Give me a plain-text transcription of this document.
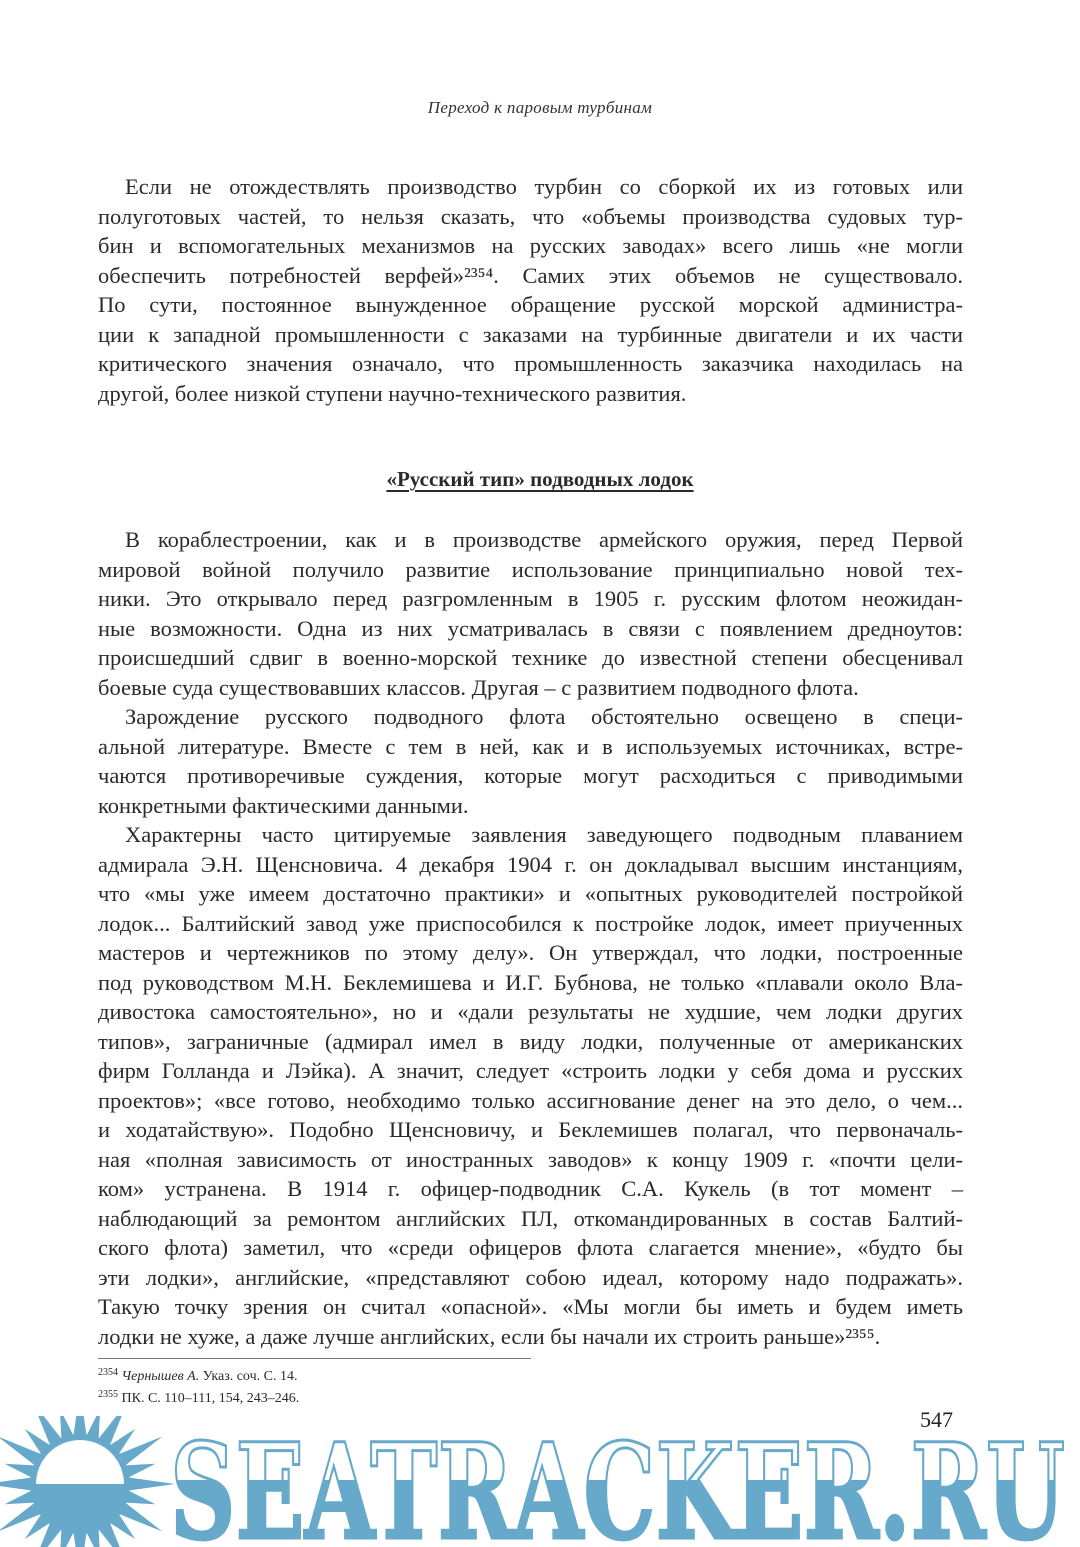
Переход к паровым турбинам
Если не отождествлять производство турбин со сборкой их из готовых или
полуготовых частей, то нельзя сказать, что «объемы производства судовых тур-
бин и вспомогательных механизмов на русских заводах» всего лишь «не могли
обеспечить потребностей верфей»²³⁵⁴. Самих этих объемов не существовало.
По сути, постоянное вынужденное обращение русской морской администра-
ции к западной промышленности с заказами на турбинные двигатели и их части
критического значения означало, что промышленность заказчика находилась на
другой, более низкой ступени научно-технического развития.
«Русский тип» подводных лодок
В кораблестроении, как и в производстве армейского оружия, перед Первой
мировой войной получило развитие использование принципиально новой тех-
ники. Это открывало перед разгромленным в 1905 г. русским флотом неожидан-
ные возможности. Одна из них усматривалась в связи с появлением дредноутов:
происшедший сдвиг в военно-морской технике до известной степени обесценивал
боевые суда существовавших классов. Другая – с развитием подводного флота.
Зарождение русского подводного флота обстоятельно освещено в специ-
альной литературе. Вместе с тем в ней, как и в используемых источниках, встре-
чаются противоречивые суждения, которые могут расходиться с приводимыми
конкретными фактическими данными.
Характерны часто цитируемые заявления заведующего подводным плаванием
адмирала Э.Н. Щенсновича. 4 декабря 1904 г. он докладывал высшим инстанциям,
что «мы уже имеем достаточно практики» и «опытных руководителей постройкой
лодок... Балтийский завод уже приспособился к постройке лодок, имеет приученных
мастеров и чертежников по этому делу». Он утверждал, что лодки, построенные
под руководством М.Н. Беклемишева и И.Г. Бубнова, не только «плавали около Вла-
дивостока самостоятельно», но и «дали результаты не худшие, чем лодки других
типов», заграничные (адмирал имел в виду лодки, полученные от американских
фирм Голланда и Лэйка). А значит, следует «строить лодки у себя дома и русских
проектов»; «все готово, необходимо только ассигнование денег на это дело, о чем...
и ходатайствую». Подобно Щенсновичу, и Беклемишев полагал, что первоначаль-
ная «полная зависимость от иностранных заводов» к концу 1909 г. «почти цели-
ком» устранена. В 1914 г. офицер-подводник С.А. Кукель (в тот момент –
наблюдающий за ремонтом английских ПЛ, откомандированных в состав Балтий-
ского флота) заметил, что «среди офицеров флота слагается мнение», «будто бы
эти лодки», английские, «представляют собою идеал, которому надо подражать».
Такую точку зрения он считал «опасной». «Мы могли бы иметь и будем иметь
лодки не хуже, а даже лучше английских, если бы начали их строить раньше»²³⁵⁵.
$^{2354}$ Чернышев А. Указ. соч. С. 14.
$^{2355}$ ПК. С. 110–111, 154, 243–246.
SEATRACKER.RU
547
